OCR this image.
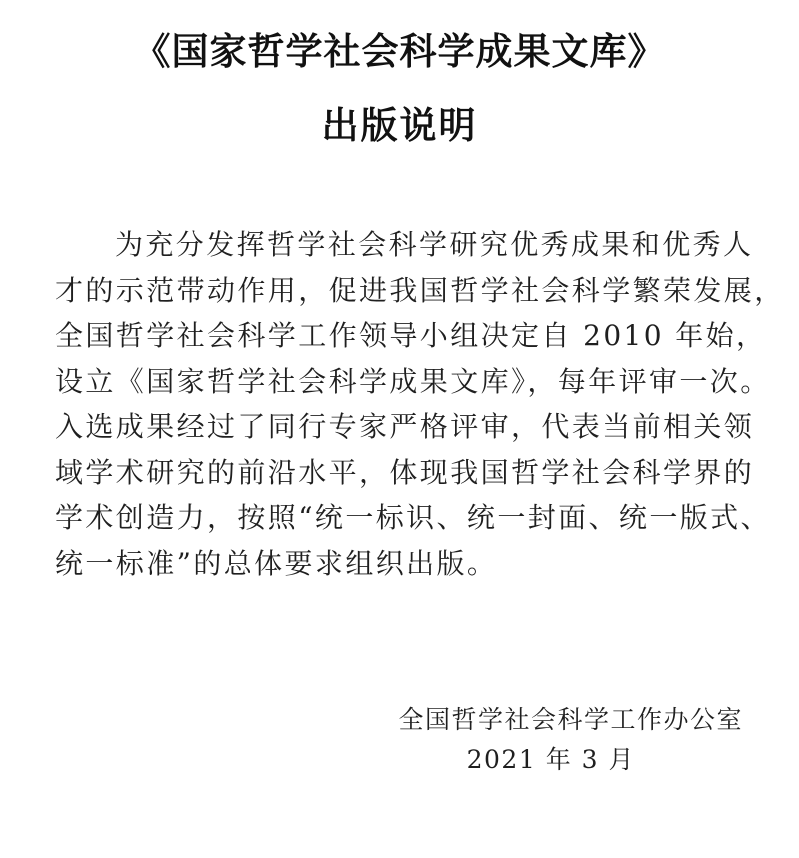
《国家哲学社会科学成果文库》
出版说明
为充分发挥哲学社会科学研究优秀成果和优秀人
才的示范带动作用，促进我国哲学社会科学繁荣发展，
全国哲学社会科学工作领导小组决定自 2010 年始，
设立《国家哲学社会科学成果文库》，每年评审一次。
入选成果经过了同行专家严格评审，代表当前相关领
域学术研究的前沿水平，体现我国哲学社会科学界的
学术创造力，按照“统一标识、统一封面、统一版式、
统一标准”的总体要求组织出版。
全国哲学社会科学工作办公室
2021 年 3 月
